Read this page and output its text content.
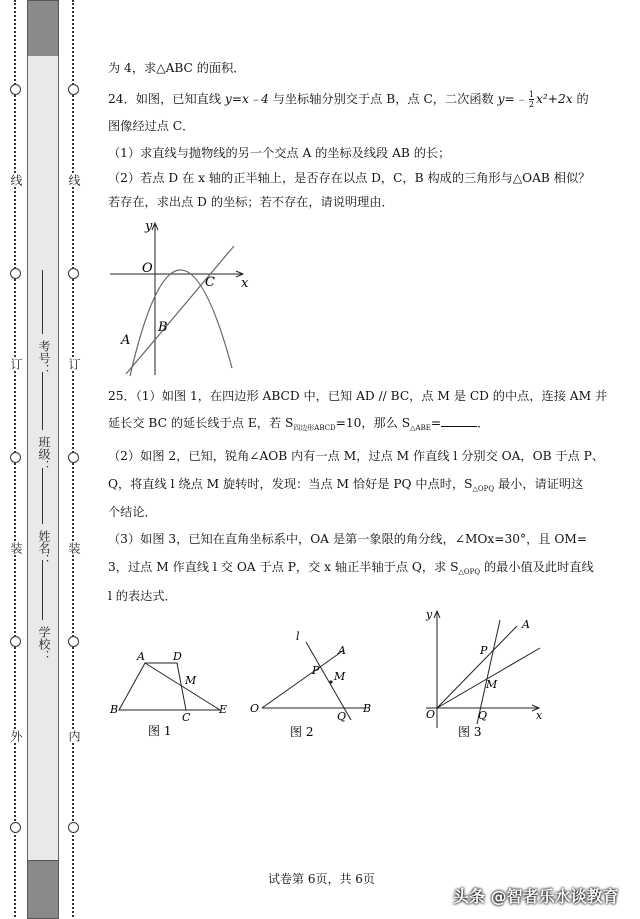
线
订
装
外
线
订
装
内
考号：
班级：
姓名：
学校：
为 4，求△ABC 的面积．
24．如图，已知直线 y=x﹣4 与坐标轴分别交于点 B，点 C，二次函数 y=﹣ $\frac{1}{2} x^2+2x$ 的
图像经过点 C．
（1）求直线与抛物线的另一个交点 A 的坐标及线段 AB 的长；
（2）若点 D 在 x 轴的正半轴上，是否存在以点 D，C，B 构成的三角形与△OAB 相似？
若存在，求出点 D 的坐标；若不存在，请说明理由．
25．（1）如图 1，在四边形 ABCD 中，已知 AD // BC，点 M 是 CD 的中点，连接 AM 并
延长交 BC 的延长线于点 E，若 $S_{四边形ABCD}=10$，那么 $S_{\triangle ABE}=$	．
（2）如图 2，已知，锐角∠AOB 内有一点 M，过点 M 作直线 l 分别交 OA，OB 于点 P、
Q，将直线 l 绕点 M 旋转时，发现：当点 M 恰好是 PQ 中点时，$S_{\triangle OPQ}$ 最小，请证明这
个结论．
（3）如图 3，已知在直角坐标系中，OA 是第一象限的角分线，∠MOx=30°，且 OM=
3，过点 M 作直线 l 交 OA 于点 P，交 x 轴正半轴于点 Q，求 $S_{\triangle OPQ}$ 的最小值及此时直线
l 的表达式．
y
x
O
C
B
A
A	D
M
B
C
E
图 1
l
A
P M
O
Q
B
图 2
A
y
P
M
O	Q	x
图 3
试卷第 6页，共 6页
头条 @智者乐水谈教育
